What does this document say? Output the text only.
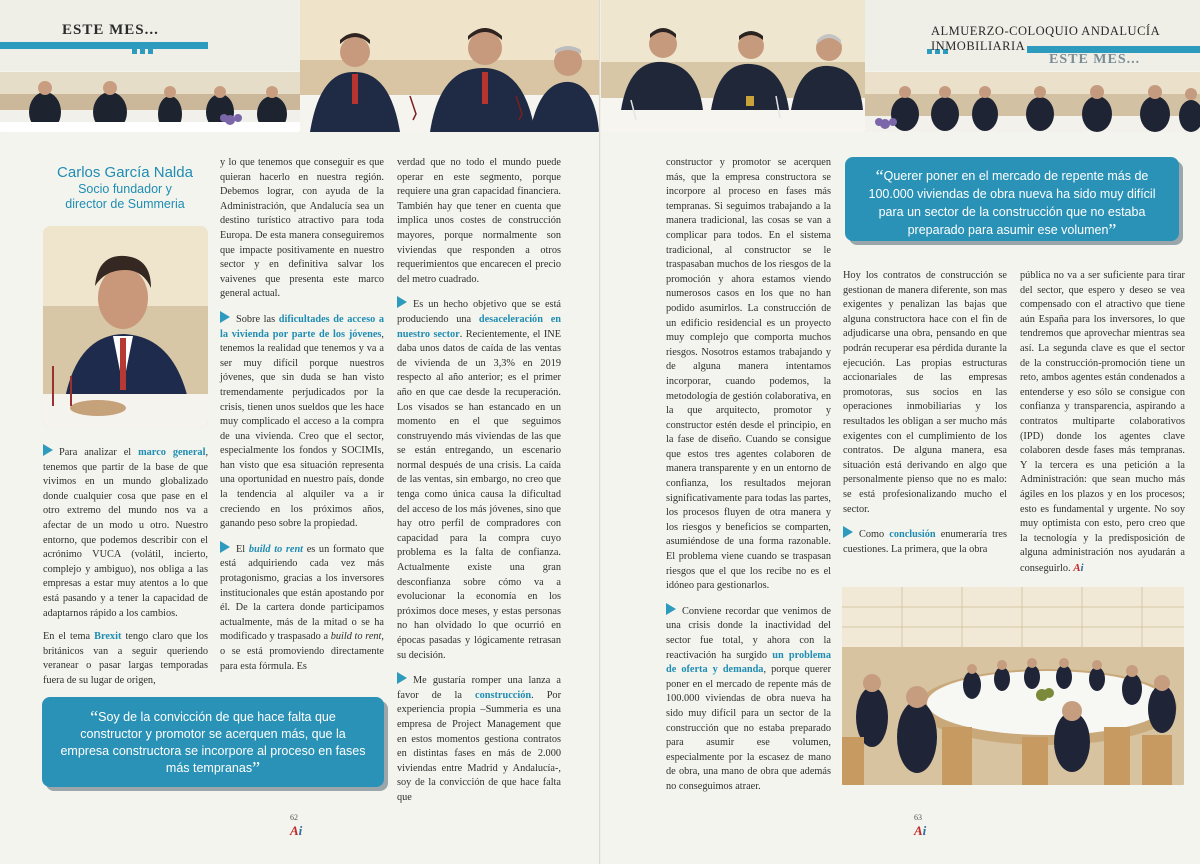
ESTE MES...
Carlos García Nalda
Socio fundador y
director de Summeria

Para analizar el marco general, tenemos que partir de la base de que vivimos en un mundo globalizado donde cualquier cosa que pase en el otro extremo del mundo nos va a afectar de un modo u otro. Nuestro entorno, que podemos describir con el acrónimo VUCA (volátil, incierto, complejo y ambiguo), nos obliga a las empresas a estar muy atentos a lo que está pasando y a tener la capacidad de adaptarnos rápido a los cambios.

En el tema Brexit tengo claro que los británicos van a seguir queriendo veranear o pasar largas temporadas fuera de su lugar de origen,

y lo que tenemos que conseguir es que quieran hacerlo en nuestra región. Debemos lograr, con ayuda de la Administración, que Andalucía sea un destino turístico atractivo para toda Europa. De esta manera conseguiremos que impacte positivamente en nuestro sector y en definitiva salvar los vaivenes que presenta este marco general actual.

Sobre las dificultades de acceso a la vivienda por parte de los jóvenes, tenemos la realidad que tenemos y va a ser muy difícil porque nuestros jóvenes, que sin duda se han visto tremendamente perjudicados por la crisis, tienen unos sueldos que les hace muy complicado el acceso a la compra de una vivienda. Creo que el sector, especialmente los fondos y SOCIMIs, han visto que esa situación representa una oportunidad en nuestro país, donde la tendencia al alquiler va a ir creciendo en los próximos años, ganando peso sobre la propiedad.

El build to rent es un formato que está adquiriendo cada vez más protagonismo, gracias a los inversores institucionales que están apostando por él. De la cartera donde participamos actualmente, más de la mitad o se ha modificado y traspasado a build to rent, o se está promoviendo directamente para esta fórmula. Es

verdad que no todo el mundo puede operar en este segmento, porque requiere una gran capacidad financiera. También hay que tener en cuenta que implica unos costes de construcción mayores, porque normalmente son viviendas que responden a otros requerimientos que encarecen el precio del metro cuadrado.

Es un hecho objetivo que se está produciendo una desaceleración en nuestro sector. Recientemente, el INE daba unos datos de caída de las ventas de vivienda de un 3,3% en 2019 respecto al año anterior; es el primer año en que cae desde la recuperación. Los visados se han estancado en un momento en el que seguimos construyendo más viviendas de las que se están entregando, un escenario normal después de una crisis. La caída de las ventas, sin embargo, no creo que tenga como única causa la dificultad del acceso de los más jóvenes, sino que hay otro perfil de compradores con capacidad para la compra cuyo problema es la falta de confianza. Actualmente existe una gran desconfianza sobre cómo va a evolucionar la economía en los próximos doce meses, y estas personas no han olvidado lo que ocurrió en épocas pasadas y lógicamente retrasan su decisión.

Me gustaría romper una lanza a favor de la construcción. Por experiencia propia –Summeria es una empresa de Project Management que en estos momentos gestiona contratos en distintas fases en más de 2.000 viviendas entre Madrid y Andalucía-, soy de la convicción de que hace falta que

“Soy de la convicción de que hace falta que constructor y promotor se acerquen más, que la empresa constructora se incorpore al proceso en fases más tempranas”
62
Ai
ALMUERZO-COLOQUIO ANDALUCÍA INMOBILIARIA
ESTE MES...
“Querer poner en el mercado de repente más de 100.000 viviendas de obra nueva ha sido muy difícil para un sector de la construcción que no estaba preparado para asumir ese volumen”

constructor y promotor se acerquen más, que la empresa constructora se incorpore al proceso en fases más tempranas. Si seguimos trabajando a la manera tradicional, las cosas se van a complicar para todos. En el sistema tradicional, al constructor se le traspasaban muchos de los riesgos de la promoción y ahora estamos viendo numerosos casos en los que no han podido asumirlos. La construcción de un edificio residencial es un proyecto muy complejo que comporta muchos riesgos. Nosotros estamos trabajando y de alguna manera intentamos incorporar, cuando podemos, la metodología de gestión colaborativa, en la que arquitecto, promotor y constructor estén desde el principio, en la fase de diseño. Cuando se consigue que estos tres agentes colaboren de manera transparente y en un entorno de confianza, los resultados mejoran significativamente para todas las partes, los procesos fluyen de otra manera y los riesgos y beneficios se comparten, asumiéndose de una forma razonable. El problema viene cuando se traspasan riesgos que el que los recibe no es el idóneo para gestionarlos.

Conviene recordar que venimos de una crisis donde la inactividad del sector fue total, y ahora con la reactivación ha surgido un problema de oferta y demanda, porque querer poner en el mercado de repente más de 100.000 viviendas de obra nueva ha sido muy difícil para un sector de la construcción que no estaba preparado para asumir ese volumen, especialmente por la escasez de mano de obra, una mano de obra que además no conseguimos atraer.

Hoy los contratos de construcción se gestionan de manera diferente, son mas exigentes y penalizan las bajas que alguna constructora hace con el fin de adjudicarse una obra, pensando en que podrán recuperar esa pérdida durante la ejecución. Las propias estructuras accionariales de las empresas promotoras, sus socios en las operaciones inmobiliarias y los resultados les obligan a ser mucho más exigentes con el cumplimiento de los contratos. De alguna manera, esa situación está derivando en algo que personalmente pienso que no es malo: se está profesionalizando mucho el sector.

Como conclusión enumeraría tres cuestiones. La primera, que la obra

pública no va a ser suficiente para tirar del sector, que espero y deseo se vea compensado con el atractivo que tiene aún España para los inversores, lo que tendremos que aprovechar mientras sea así. La segunda clave es que el sector de la construcción-promoción tiene un reto, ambos agentes están condenados a entenderse y eso sólo se consigue con confianza y transparencia, aspirando a contratos multiparte colaborativos (IPD) donde los agentes clave colaboren desde fases más tempranas. Y la tercera es una petición a la Administración: que sean mucho más ágiles en los plazos y en los procesos; esto es fundamental y urgente. No soy muy optimista con esto, pero creo que la tecnología y la predisposición de alguna administración nos ayudarán a conseguirlo. Ai

63
Ai
